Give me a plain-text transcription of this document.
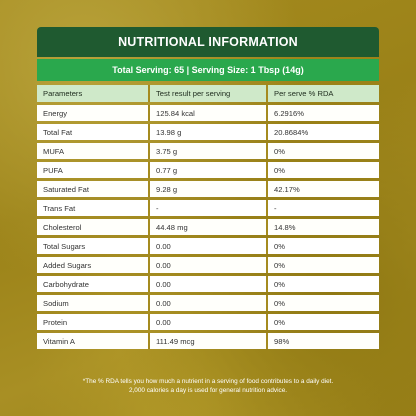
NUTRITIONAL INFORMATION
Total Serving: 65 | Serving Size: 1 Tbsp (14g)
Parameters	Test result per serving	Per serve % RDA
Energy	125.84 kcal	6.2916%
Total Fat	13.98 g	20.8684%
MUFA	3.75 g	0%
PUFA	0.77 g	0%
Saturated Fat	9.28 g	42.17%
Trans Fat	-	-
Cholesterol	44.48 mg	14.8%
Total Sugars	0.00	0%
Added Sugars	0.00	0%
Carbohydrate	0.00	0%
Sodium	0.00	0%
Protein	0.00	0%
Vitamin A	111.49 mcg	98%
*The % RDA tells you how much a nutrient in a serving of food contributes to a daily diet.
2,000 calories a day is used for general nutrition advice.
